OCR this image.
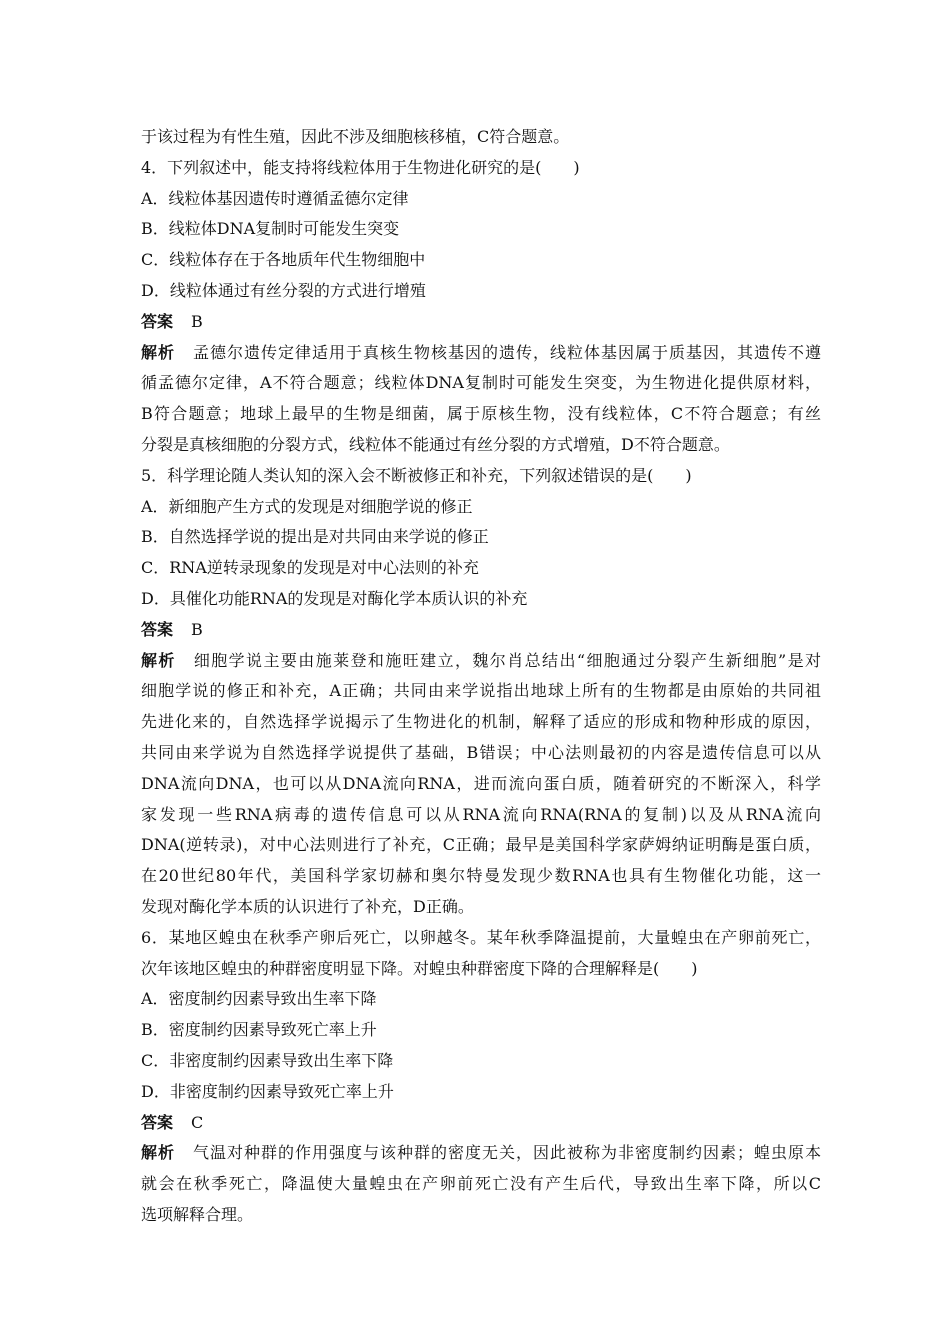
于该过程为有性生殖，因此不涉及细胞核移植，C符合题意。
4．下列叙述中，能支持将线粒体用于生物进化研究的是(　　)
A．线粒体基因遗传时遵循孟德尔定律
B．线粒体DNA复制时可能发生突变
C．线粒体存在于各地质年代生物细胞中
D．线粒体通过有丝分裂的方式进行增殖
答案 B
解析 孟德尔遗传定律适用于真核生物核基因的遗传，线粒体基因属于质基因，其遗传不遵
循孟德尔定律，A不符合题意；线粒体DNA复制时可能发生突变，为生物进化提供原材料，
B符合题意；地球上最早的生物是细菌，属于原核生物，没有线粒体，C不符合题意；有丝
分裂是真核细胞的分裂方式，线粒体不能通过有丝分裂的方式增殖，D不符合题意。
5．科学理论随人类认知的深入会不断被修正和补充，下列叙述错误的是(　　)
A．新细胞产生方式的发现是对细胞学说的修正
B．自然选择学说的提出是对共同由来学说的修正
C．RNA逆转录现象的发现是对中心法则的补充
D．具催化功能RNA的发现是对酶化学本质认识的补充
答案 B
解析 细胞学说主要由施莱登和施旺建立，魏尔肖总结出“细胞通过分裂产生新细胞”是对
细胞学说的修正和补充，A正确；共同由来学说指出地球上所有的生物都是由原始的共同祖
先进化来的，自然选择学说揭示了生物进化的机制，解释了适应的形成和物种形成的原因，
共同由来学说为自然选择学说提供了基础，B错误；中心法则最初的内容是遗传信息可以从
DNA流向DNA，也可以从DNA流向RNA，进而流向蛋白质，随着研究的不断深入，科学
家发现一些RNA病毒的遗传信息可以从RNA流向RNA(RNA的复制)以及从RNA流向
DNA(逆转录)，对中心法则进行了补充，C正确；最早是美国科学家萨姆纳证明酶是蛋白质，
在20世纪80年代，美国科学家切赫和奥尔特曼发现少数RNA也具有生物催化功能，这一
发现对酶化学本质的认识进行了补充，D正确。
6．某地区蝗虫在秋季产卵后死亡，以卵越冬。某年秋季降温提前，大量蝗虫在产卵前死亡，
次年该地区蝗虫的种群密度明显下降。对蝗虫种群密度下降的合理解释是(　　)
A．密度制约因素导致出生率下降
B．密度制约因素导致死亡率上升
C．非密度制约因素导致出生率下降
D．非密度制约因素导致死亡率上升
答案 C
解析 气温对种群的作用强度与该种群的密度无关，因此被称为非密度制约因素；蝗虫原本
就会在秋季死亡，降温使大量蝗虫在产卵前死亡没有产生后代，导致出生率下降，所以C
选项解释合理。
